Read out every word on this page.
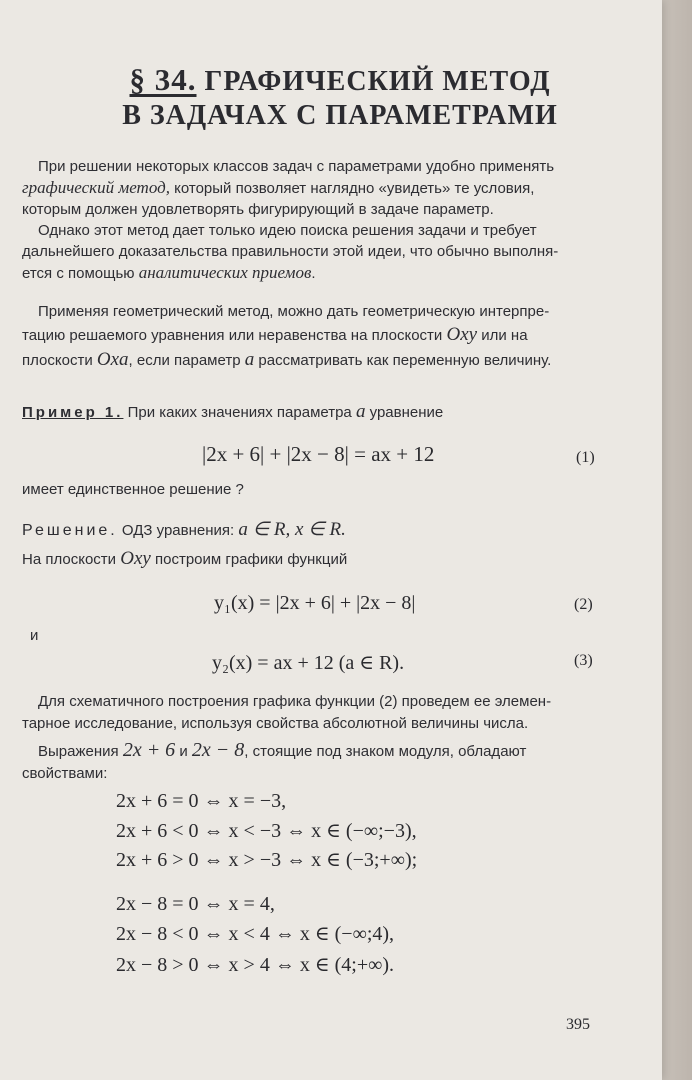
§ 34. ГРАФИЧЕСКИЙ МЕТОД
В ЗАДАЧАХ С ПАРАМЕТРАМИ
При решении некоторых классов задач с параметрами удобно применять
графический метод, который позволяет наглядно «увидеть» те условия,
которым должен удовлетворять фигурирующий в задаче параметр.
Однако этот метод дает только идею поиска решения задачи и требует
дальнейшего доказательства правильности этой идеи, что обычно выполня-
ется с помощью аналитических приемов.
Применяя геометрический метод, можно дать геометрическую интерпре-
тацию решаемого уравнения или неравенства на плоскости Oxy или на
плоскости Oxa, если параметр a рассматривать как переменную величину.
Пример 1. При каких значениях параметра a уравнение
|2x + 6| + |2x − 8| = ax + 12	(1)
имеет единственное решение ?
Решение. ОДЗ уравнения: a ∈ R, x ∈ R.
На плоскости Oxy построим графики функций
y₁(x) = |2x + 6| + |2x − 8|	(2)
и
y₂(x) = ax + 12 (a ∈ R).	(3)
Для схематичного построения графика функции (2) проведем ее элемен-
тарное исследование, используя свойства абсолютной величины числа.
Выражения 2x + 6 и 2x − 8, стоящие под знаком модуля, обладают
свойствами:
2x + 6 = 0 ⇔ x = −3,
2x + 6 < 0 ⇔ x < −3 ⇔ x ∈ (−∞;−3),
2x + 6 > 0 ⇔ x > −3 ⇔ x ∈ (−3;+∞);
2x − 8 = 0 ⇔ x = 4,
2x − 8 < 0 ⇔ x < 4 ⇔ x ∈ (−∞;4),
2x − 8 > 0 ⇔ x > 4 ⇔ x ∈ (4;+∞).
395
